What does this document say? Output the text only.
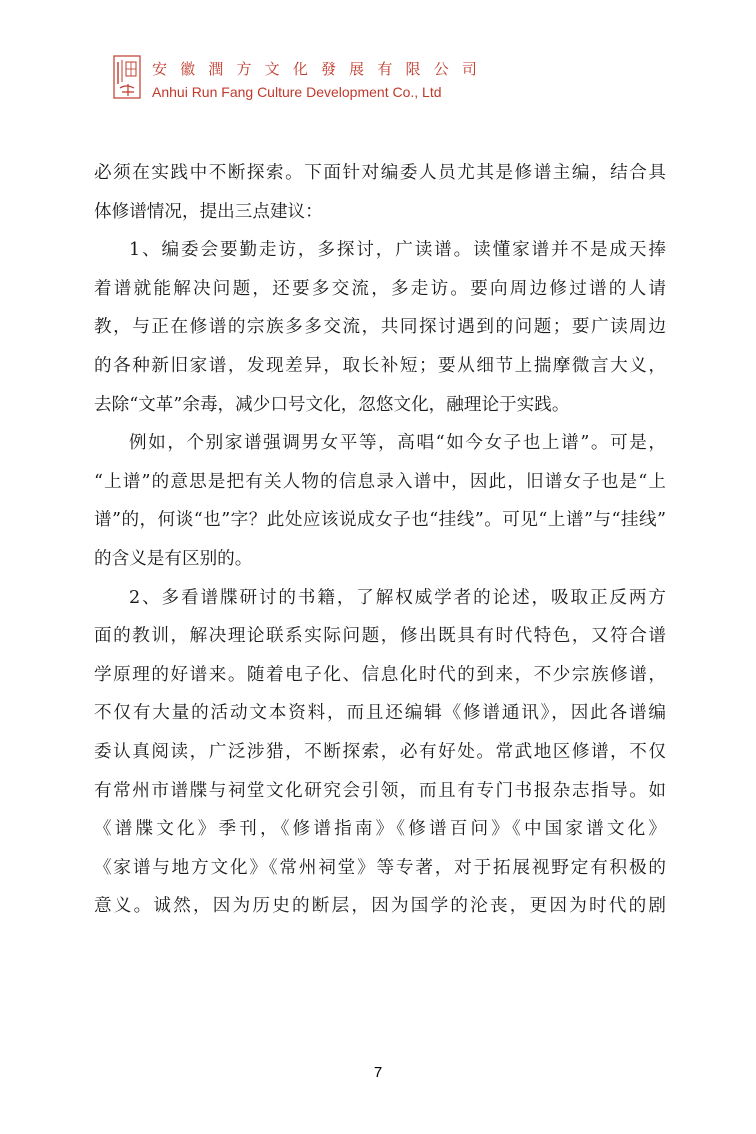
安 徽 潤 方 文 化 發 展 有 限 公 司
Anhui Run Fang Culture Development Co., Ltd
必须在实践中不断探索。下面针对编委人员尤其是修谱主编，结合具
体修谱情况，提出三点建议：
1、编委会要勤走访，多探讨，广读谱。读懂家谱并不是成天捧
着谱就能解决问题，还要多交流，多走访。要向周边修过谱的人请
教，与正在修谱的宗族多多交流，共同探讨遇到的问题；要广读周边
的各种新旧家谱，发现差异，取长补短；要从细节上揣摩微言大义，
去除“文革”余毒，减少口号文化，忽悠文化，融理论于实践。
例如，个别家谱强调男女平等，高唱“如今女子也上谱”。可是，
“上谱”的意思是把有关人物的信息录入谱中，因此，旧谱女子也是“上
谱”的，何谈“也”字？此处应该说成女子也“挂线”。可见“上谱”与“挂线”
的含义是有区别的。
2、多看谱牒研讨的书籍，了解权威学者的论述，吸取正反两方
面的教训，解决理论联系实际问题，修出既具有时代特色，又符合谱
学原理的好谱来。随着电子化、信息化时代的到来，不少宗族修谱，
不仅有大量的活动文本资料，而且还编辑《修谱通讯》，因此各谱编
委认真阅读，广泛涉猎，不断探索，必有好处。常武地区修谱，不仅
有常州市谱牒与祠堂文化研究会引领，而且有专门书报杂志指导。如
《谱牒文化》季刊，《修谱指南》《修谱百问》《中国家谱文化》
《家谱与地方文化》《常州祠堂》等专著，对于拓展视野定有积极的
意义。诚然，因为历史的断层，因为国学的沦丧，更因为时代的剧
7
